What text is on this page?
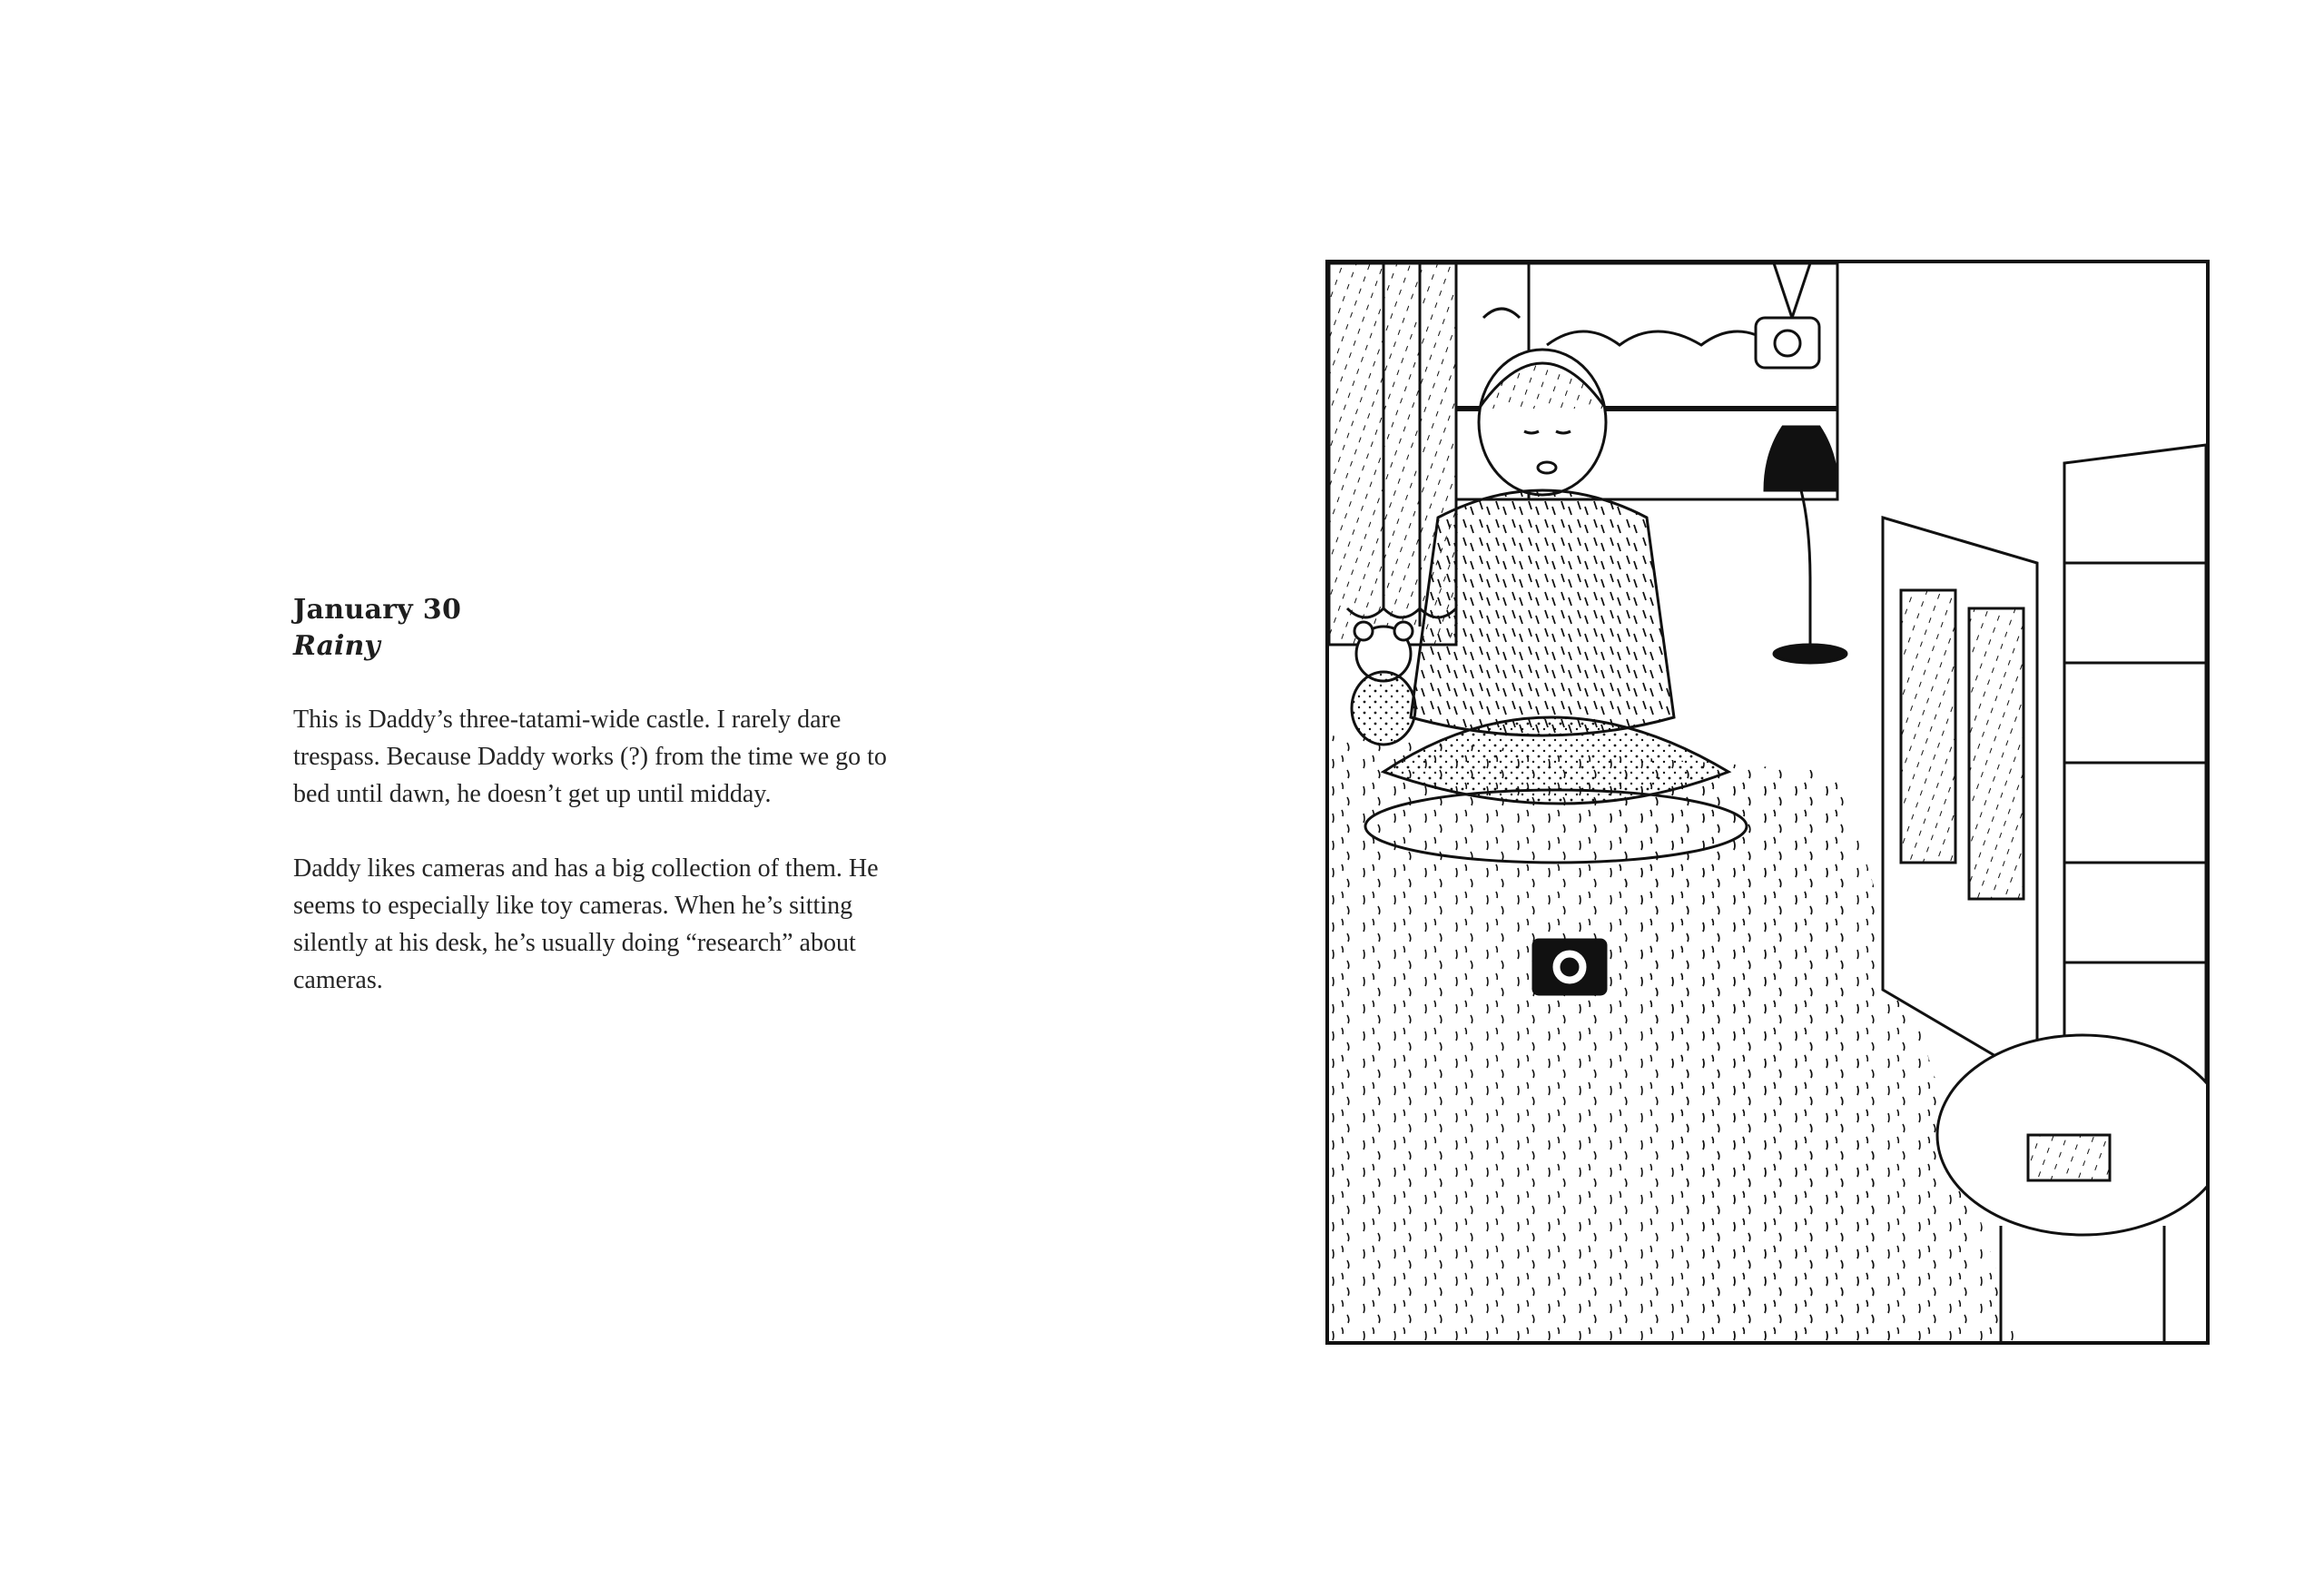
January 30
Rainy

This is Daddy’s three-tatami-wide castle. I rarely dare trespass. Because Daddy works (?) from the time we go to bed until dawn, he doesn’t get up until midday.

Daddy likes cameras and has a big collection of them. He seems to especially like toy cameras. When he’s sitting silently at his desk, he’s usually doing “research” about cameras.
